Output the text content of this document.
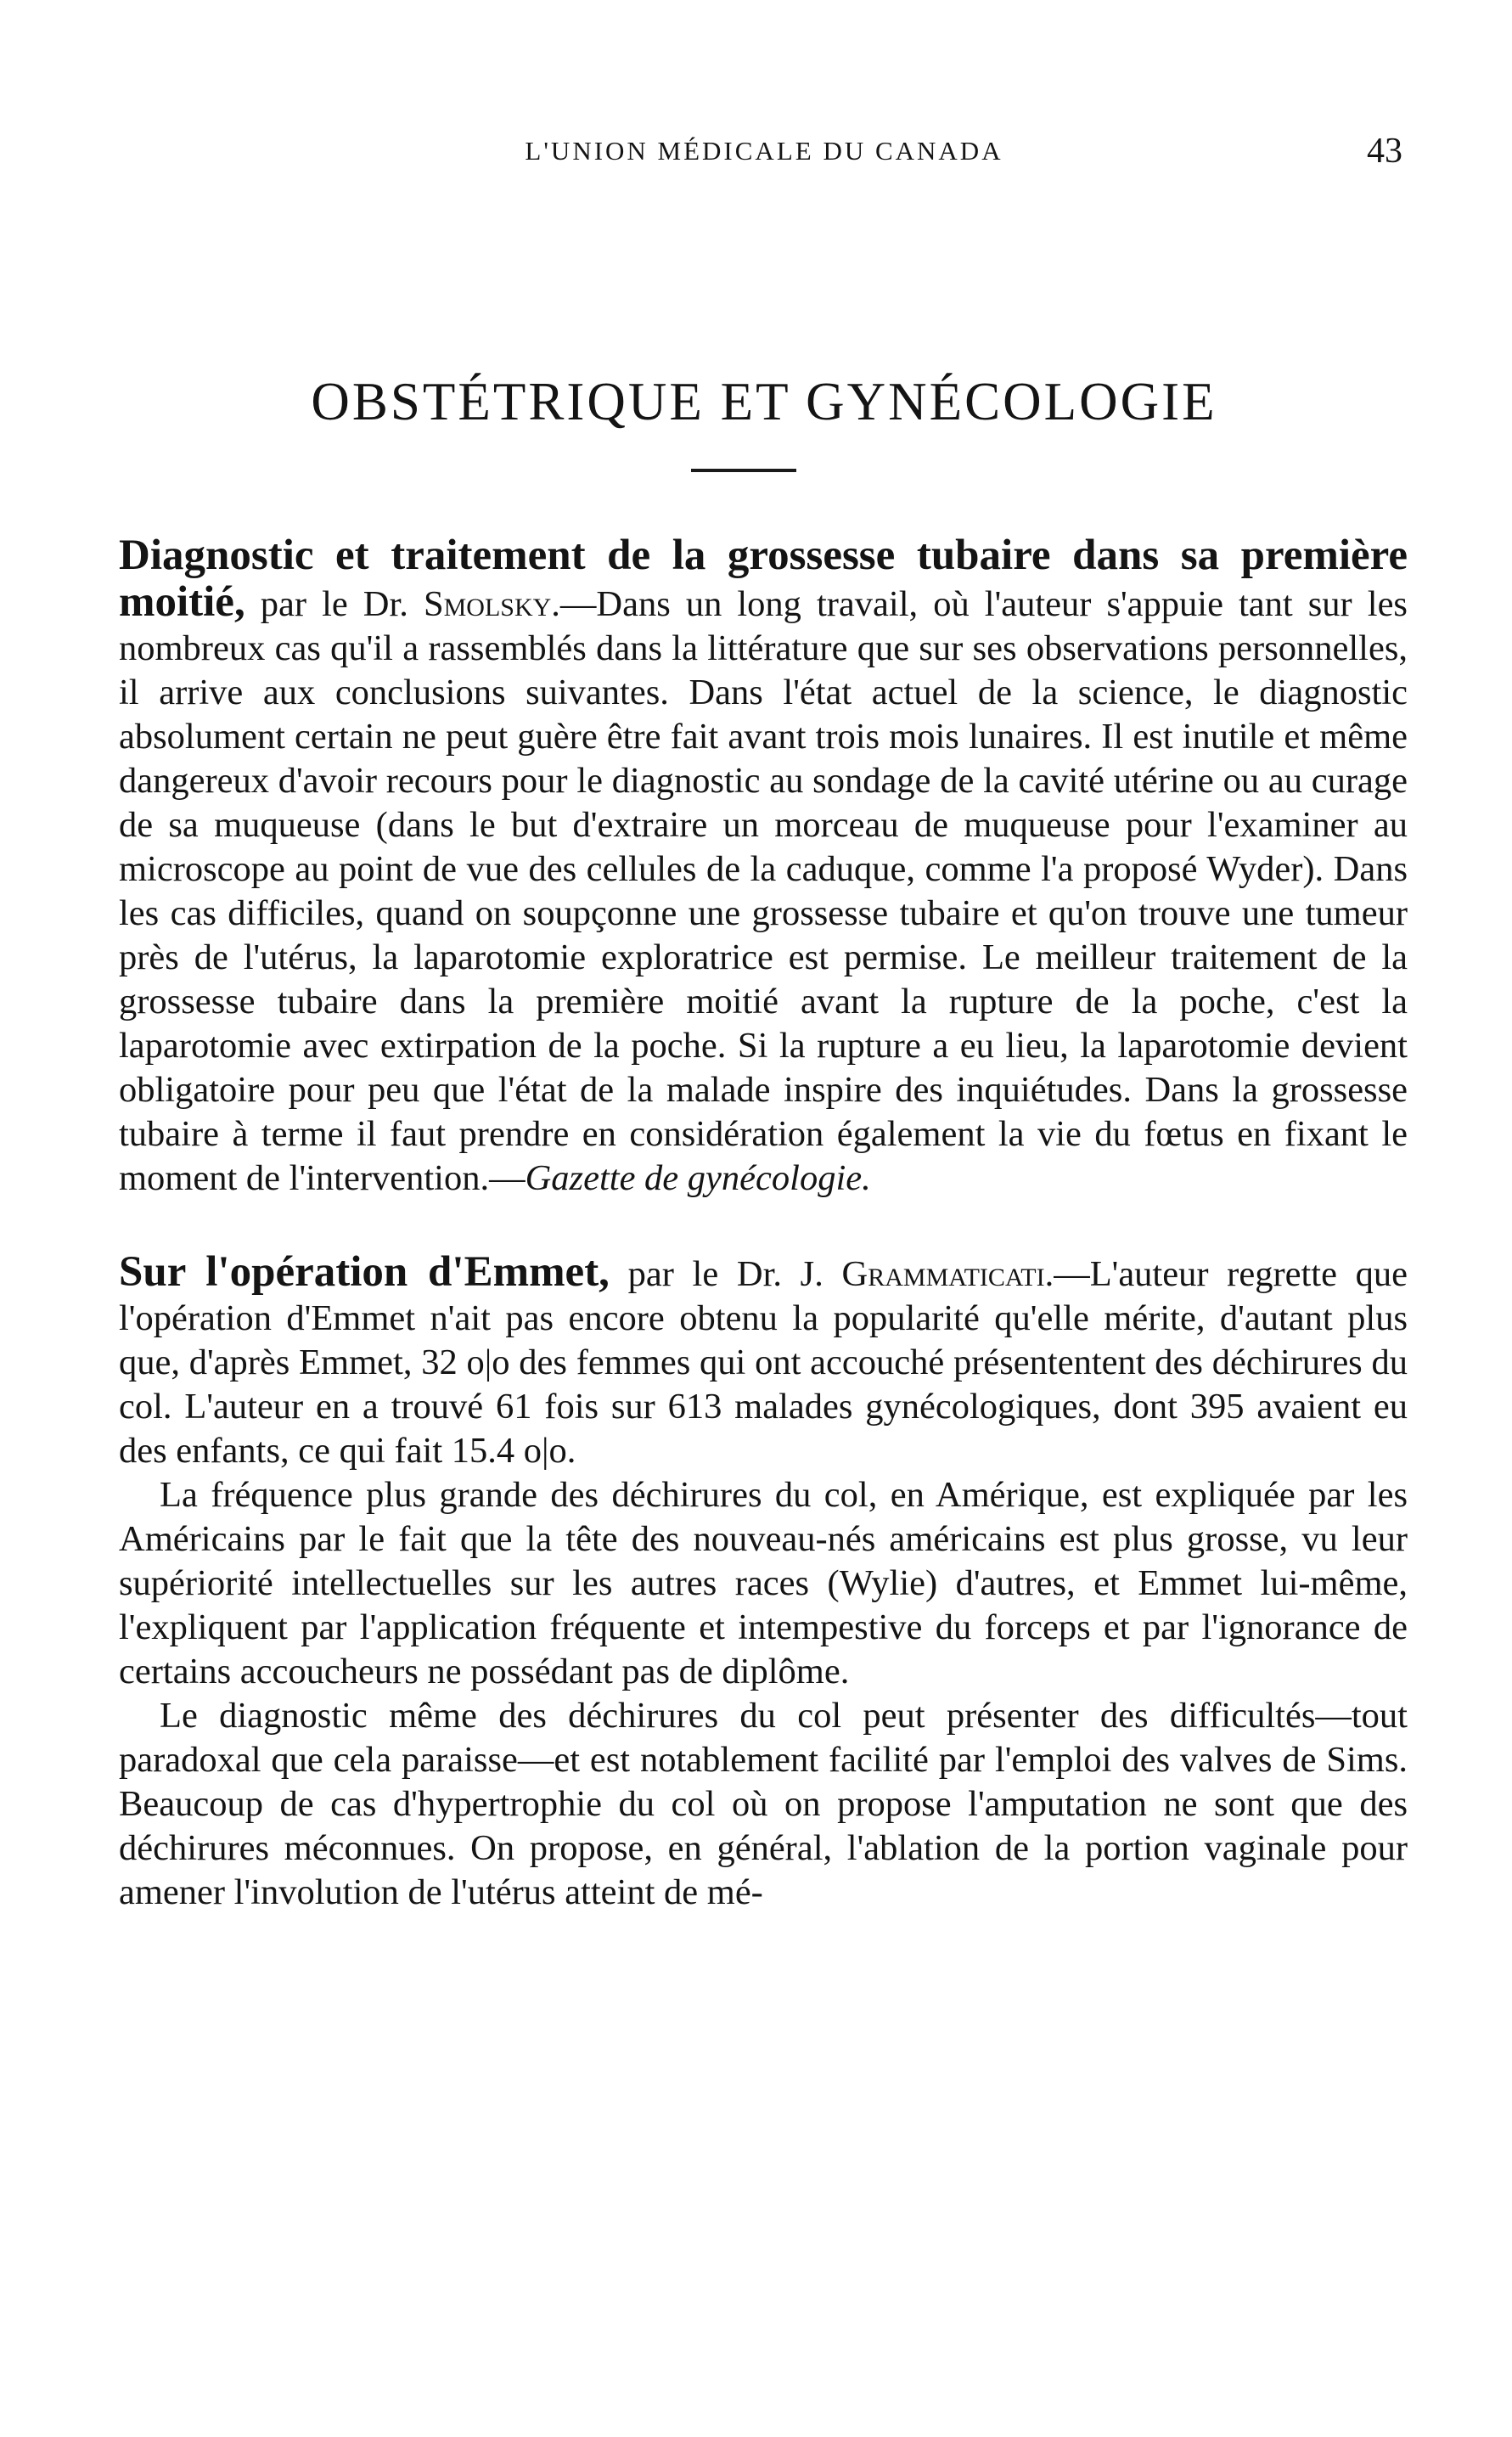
L'UNION MÉDICALE DU CANADA	43
OBSTÉTRIQUE ET GYNÉCOLOGIE

Diagnostic et traitement de la grossesse tubaire dans sa première moitié, par le Dr. Smolsky.—Dans un long travail, où l'auteur s'appuie tant sur les nombreux cas qu'il a rassemblés dans la littérature que sur ses observations personnelles, il arrive aux conclusions suivantes. Dans l'état actuel de la science, le diagnostic absolument certain ne peut guère être fait avant trois mois lunaires. Il est inutile et même dangereux d'avoir recours pour le diagnostic au sondage de la cavité utérine ou au curage de sa muqueuse (dans le but d'extraire un morceau de muqueuse pour l'examiner au microscope au point de vue des cellules de la caduque, comme l'a proposé Wyder). Dans les cas difficiles, quand on soupçonne une grossesse tubaire et qu'on trouve une tumeur près de l'utérus, la laparotomie exploratrice est permise. Le meilleur traitement de la grossesse tubaire dans la première moitié avant la rupture de la poche, c'est la laparotomie avec extirpation de la poche. Si la rupture a eu lieu, la laparotomie devient obligatoire pour peu que l'état de la malade inspire des inquiétudes. Dans la grossesse tubaire à terme il faut prendre en considération également la vie du fœtus en fixant le moment de l'intervention.—Gazette de gynécologie.

Sur l'opération d'Emmet, par le Dr. J. Grammaticati.—L'auteur regrette que l'opération d'Emmet n'ait pas encore obtenu la popularité qu'elle mérite, d'autant plus que, d'après Emmet, 32 o|o des femmes qui ont accouché présententent des déchirures du col. L'auteur en a trouvé 61 fois sur 613 malades gynécologiques, dont 395 avaient eu des enfants, ce qui fait 15.4 o|o.

La fréquence plus grande des déchirures du col, en Amérique, est expliquée par les Américains par le fait que la tête des nouveau-nés américains est plus grosse, vu leur supériorité intellectuelles sur les autres races (Wylie) d'autres, et Emmet lui-même, l'expliquent par l'application fréquente et intempestive du forceps et par l'ignorance de certains accoucheurs ne possédant pas de diplôme.

Le diagnostic même des déchirures du col peut présenter des difficultés—tout paradoxal que cela paraisse—et est notablement facilité par l'emploi des valves de Sims. Beaucoup de cas d'hypertrophie du col où on propose l'amputation ne sont que des déchirures méconnues. On propose, en général, l'ablation de la portion vaginale pour amener l'involution de l'utérus atteint de mé-
